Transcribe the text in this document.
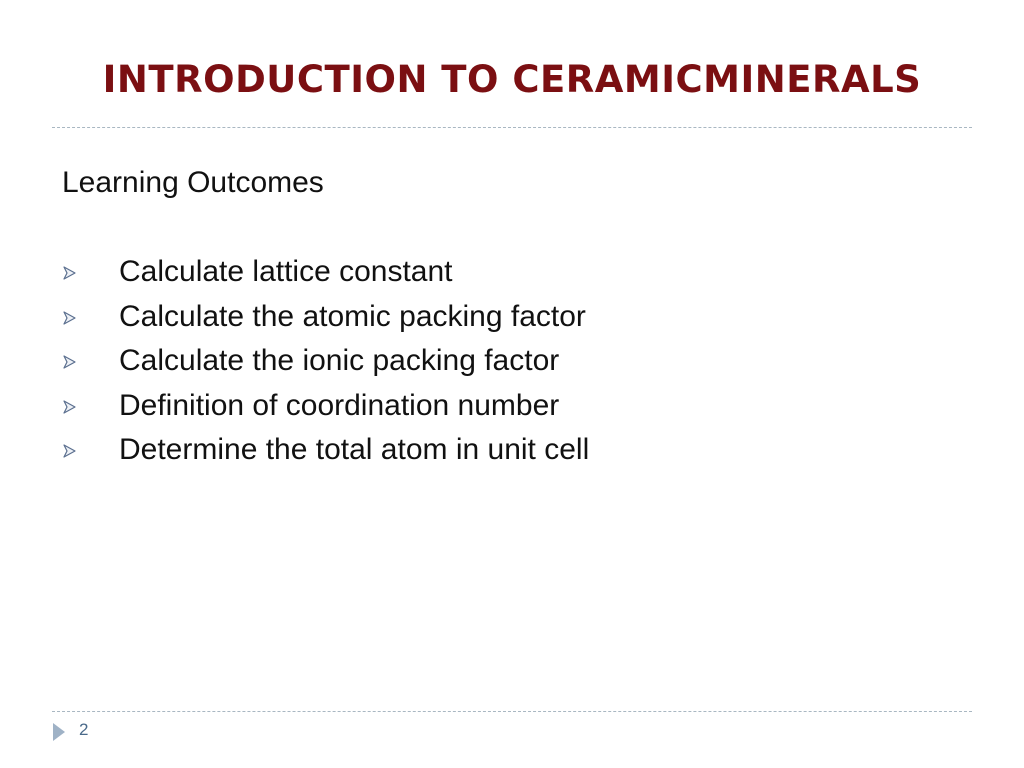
INTRODUCTION TO CERAMICMINERALS
Learning Outcomes
Calculate lattice constant
Calculate the atomic packing factor
Calculate the ionic packing factor
Definition of coordination number
Determine the total atom in unit cell
2
